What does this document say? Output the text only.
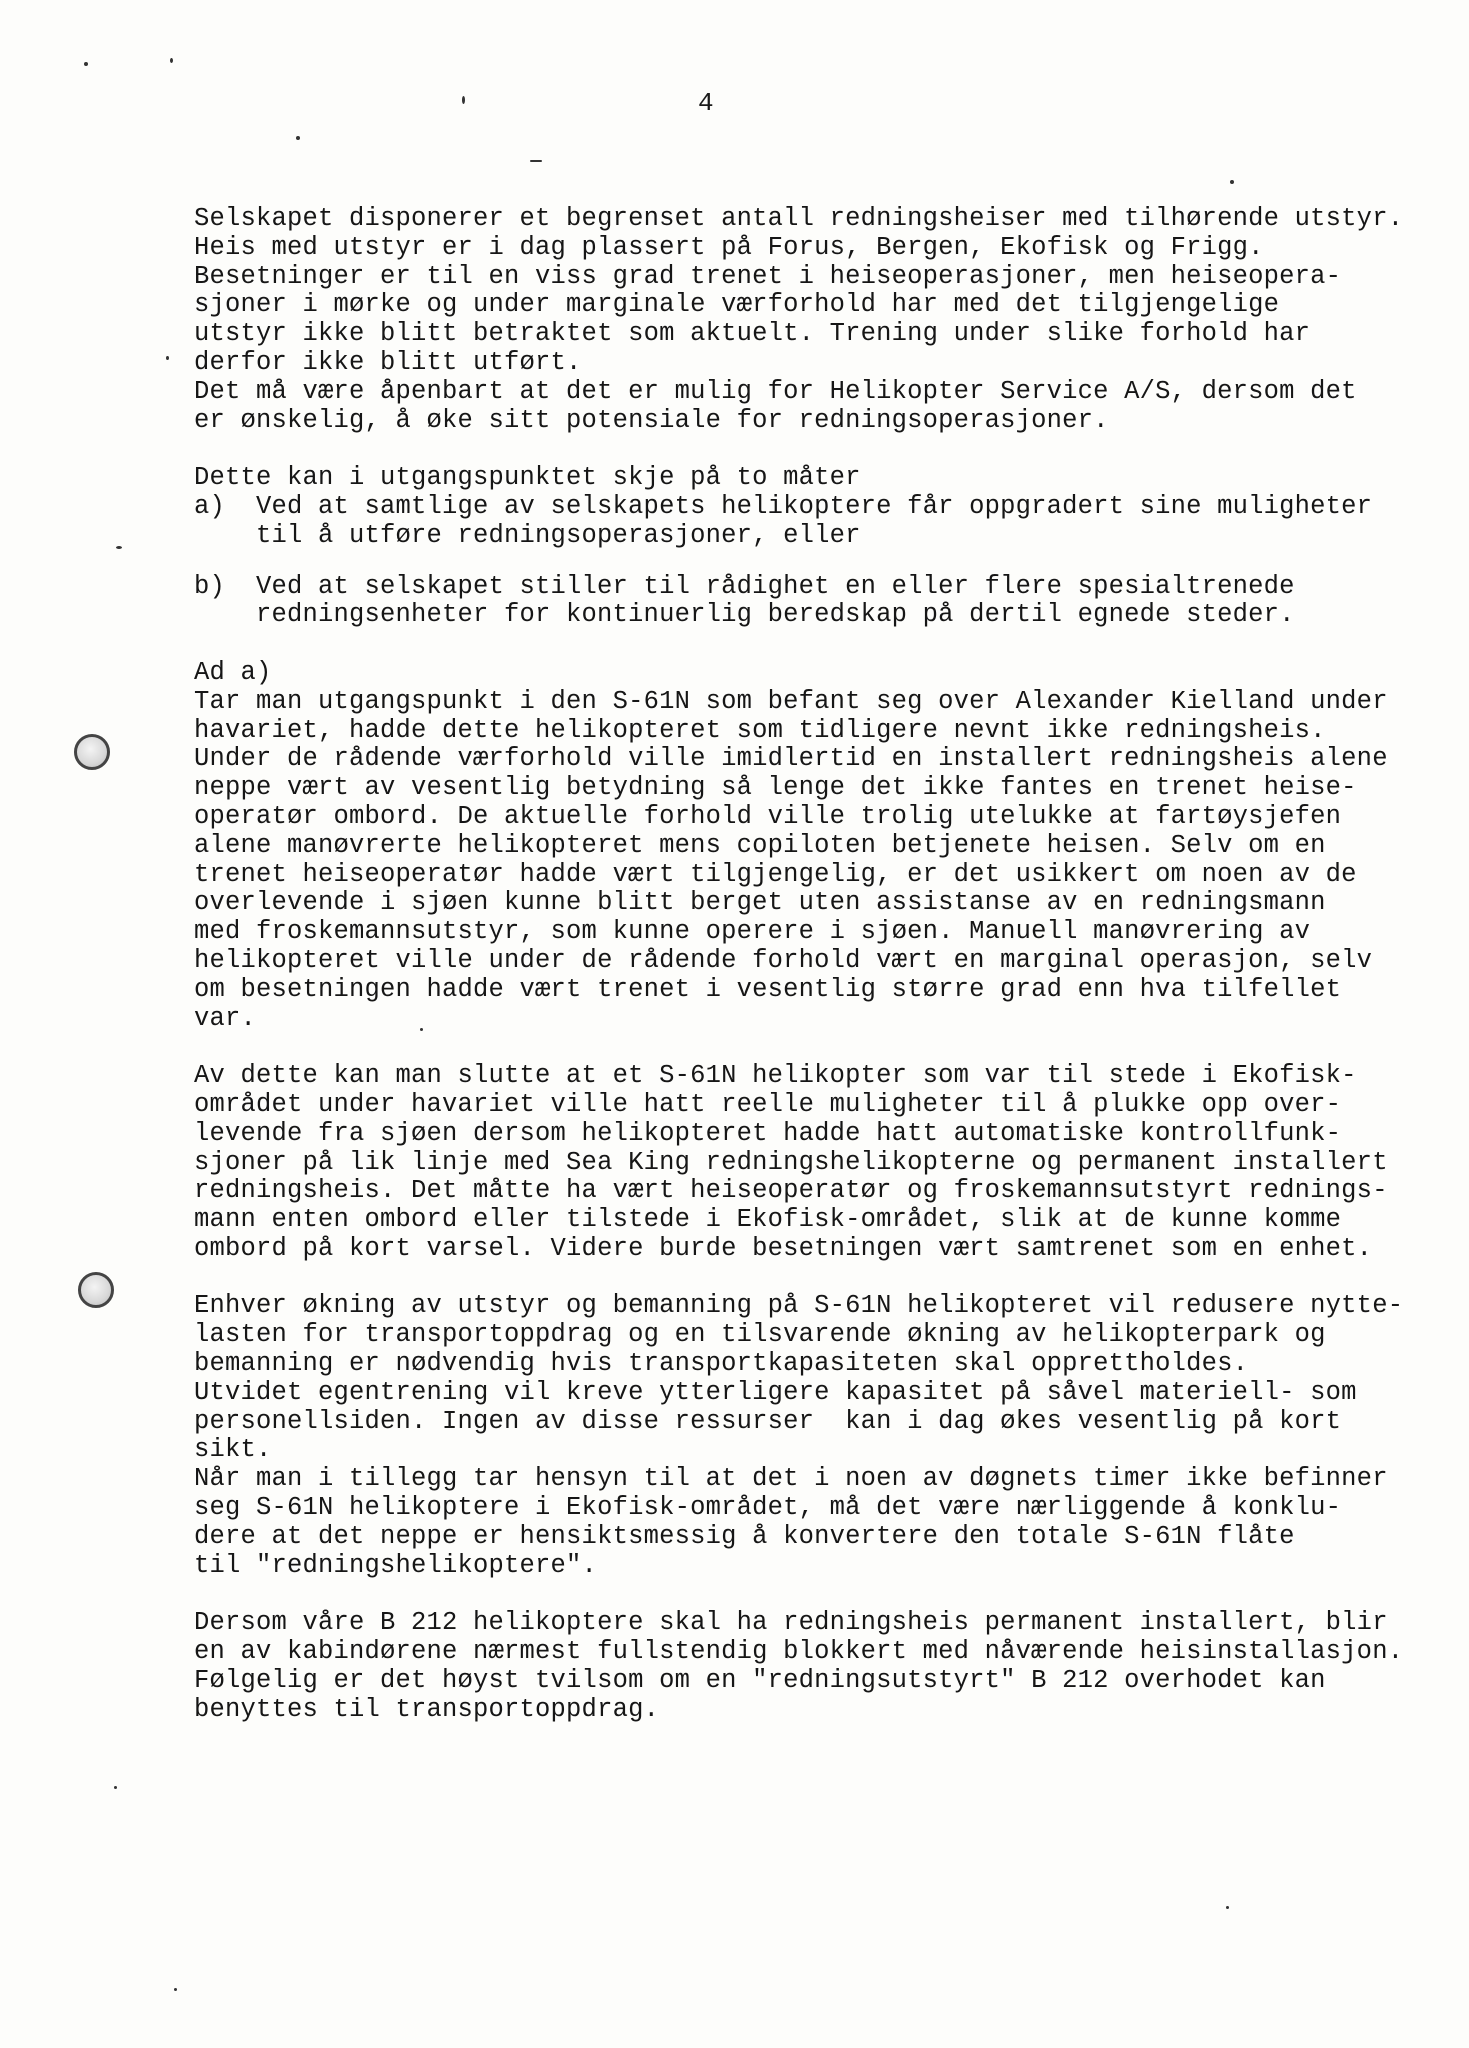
4
Selskapet disponerer et begrenset antall redningsheiser med tilhørende utstyr.
Heis med utstyr er i dag plassert på Forus, Bergen, Ekofisk og Frigg.
Besetninger er til en viss grad trenet i heiseoperasjoner, men heiseopera-
sjoner i mørke og under marginale værforhold har med det tilgjengelige
utstyr ikke blitt betraktet som aktuelt. Trening under slike forhold har
derfor ikke blitt utført.
Det må være åpenbart at det er mulig for Helikopter Service A/S, dersom det
er ønskelig, å øke sitt potensiale for redningsoperasjoner.
Dette kan i utgangspunktet skje på to måter
a)	Ved at samtlige av selskapets helikoptere får oppgradert sine muligheter
til å utføre redningsoperasjoner, eller
b)	Ved at selskapet stiller til rådighet en eller flere spesialtrenede
redningsenheter for kontinuerlig beredskap på dertil egnede steder.
Ad a)
Tar man utgangspunkt i den S-61N som befant seg over Alexander Kielland under
havariet, hadde dette helikopteret som tidligere nevnt ikke redningsheis.
Under de rådende værforhold ville imidlertid en installert redningsheis alene
neppe vært av vesentlig betydning så lenge det ikke fantes en trenet heise-
operatør ombord. De aktuelle forhold ville trolig utelukke at fartøysjefen
alene manøvrerte helikopteret mens copiloten betjenete heisen. Selv om en
trenet heiseoperatør hadde vært tilgjengelig, er det usikkert om noen av de
overlevende i sjøen kunne blitt berget uten assistanse av en redningsmann
med froskemannsutstyr, som kunne operere i sjøen. Manuell manøvrering av
helikopteret ville under de rådende forhold vært en marginal operasjon, selv
om besetningen hadde vært trenet i vesentlig større grad enn hva tilfellet
var.
Av dette kan man slutte at et S-61N helikopter som var til stede i Ekofisk-
området under havariet ville hatt reelle muligheter til å plukke opp over-
levende fra sjøen dersom helikopteret hadde hatt automatiske kontrollfunk-
sjoner på lik linje med Sea King redningshelikopterne og permanent installert
redningsheis. Det måtte ha vært heiseoperatør og froskemannsutstyrt rednings-
mann enten ombord eller tilstede i Ekofisk-området, slik at de kunne komme
ombord på kort varsel. Videre burde besetningen vært samtrenet som en enhet.
Enhver økning av utstyr og bemanning på S-61N helikopteret vil redusere nytte-
lasten for transportoppdrag og en tilsvarende økning av helikopterpark og
bemanning er nødvendig hvis transportkapasiteten skal opprettholdes.
Utvidet egentrening vil kreve ytterligere kapasitet på såvel materiell- som
personellsiden. Ingen av disse ressurser  kan i dag økes vesentlig på kort
sikt.
Når man i tillegg tar hensyn til at det i noen av døgnets timer ikke befinner
seg S-61N helikoptere i Ekofisk-området, må det være nærliggende å konklu-
dere at det neppe er hensiktsmessig å konvertere den totale S-61N flåte
til "redningshelikoptere".
Dersom våre B 212 helikoptere skal ha redningsheis permanent installert, blir
en av kabindørene nærmest fullstendig blokkert med nåværende heisinstallasjon.
Følgelig er det høyst tvilsom om en "redningsutstyrt" B 212 overhodet kan
benyttes til transportoppdrag.
